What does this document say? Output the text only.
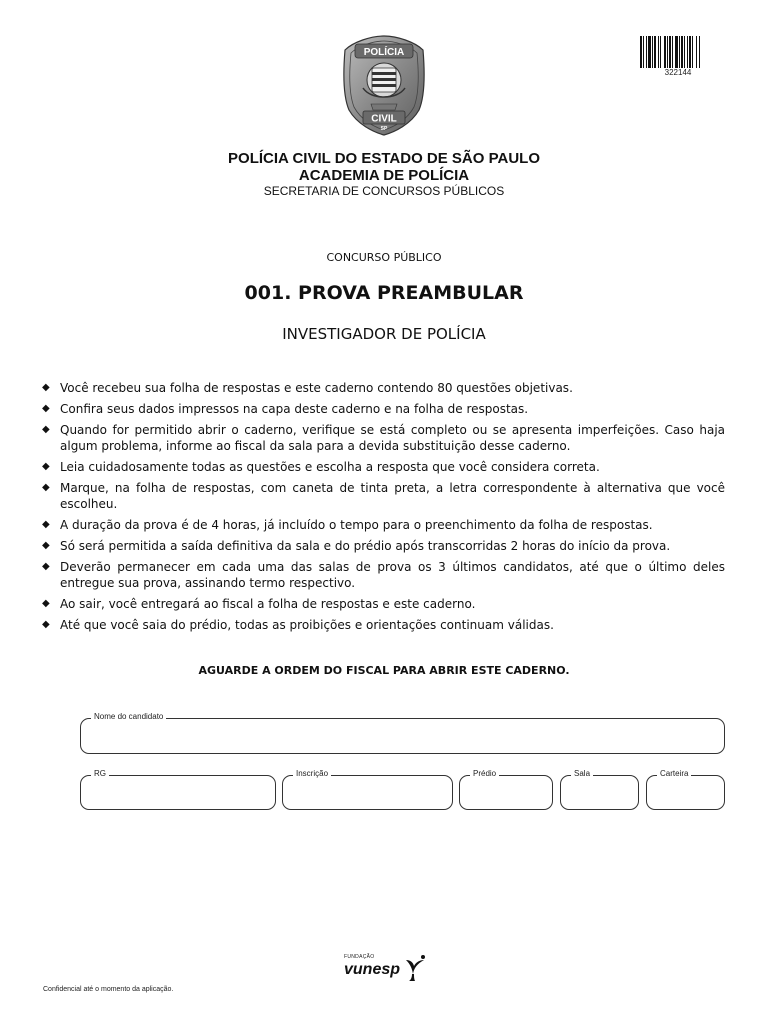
POLÍCIA
CIVIL
SP
322144
POLÍCIA CIVIL DO ESTADO DE SÃO PAULO
ACADEMIA DE POLÍCIA
SECRETARIA DE CONCURSOS PÚBLICOS
CONCURSO PÚBLICO
001. PROVA PREAMBULAR
INVESTIGADOR DE POLÍCIA
◆ Você recebeu sua folha de respostas e este caderno contendo 80 questões objetivas.
◆ Confira seus dados impressos na capa deste caderno e na folha de respostas.
◆ Quando for permitido abrir o caderno, verifique se está completo ou se apresenta imperfeições. Caso haja algum problema, informe ao fiscal da sala para a devida substituição desse caderno.
◆ Leia cuidadosamente todas as questões e escolha a resposta que você considera correta.
◆ Marque, na folha de respostas, com caneta de tinta preta, a letra correspondente à alternativa que você escolheu.
◆ A duração da prova é de 4 horas, já incluído o tempo para o preenchimento da folha de respostas.
◆ Só será permitida a saída definitiva da sala e do prédio após transcorridas 2 horas do início da prova.
◆ Deverão permanecer em cada uma das salas de prova os 3 últimos candidatos, até que o último deles entregue sua prova, assinando termo respectivo.
◆ Ao sair, você entregará ao fiscal a folha de respostas e este caderno.
◆ Até que você saia do prédio, todas as proibições e orientações continuam válidas.
AGUARDE A ORDEM DO FISCAL PARA ABRIR ESTE CADERNO.
Nome do candidato
RG	Inscrição	Prédio	Sala	Carteira
FUNDAÇÃO
vunesp
Confidencial até o momento da aplicação.
